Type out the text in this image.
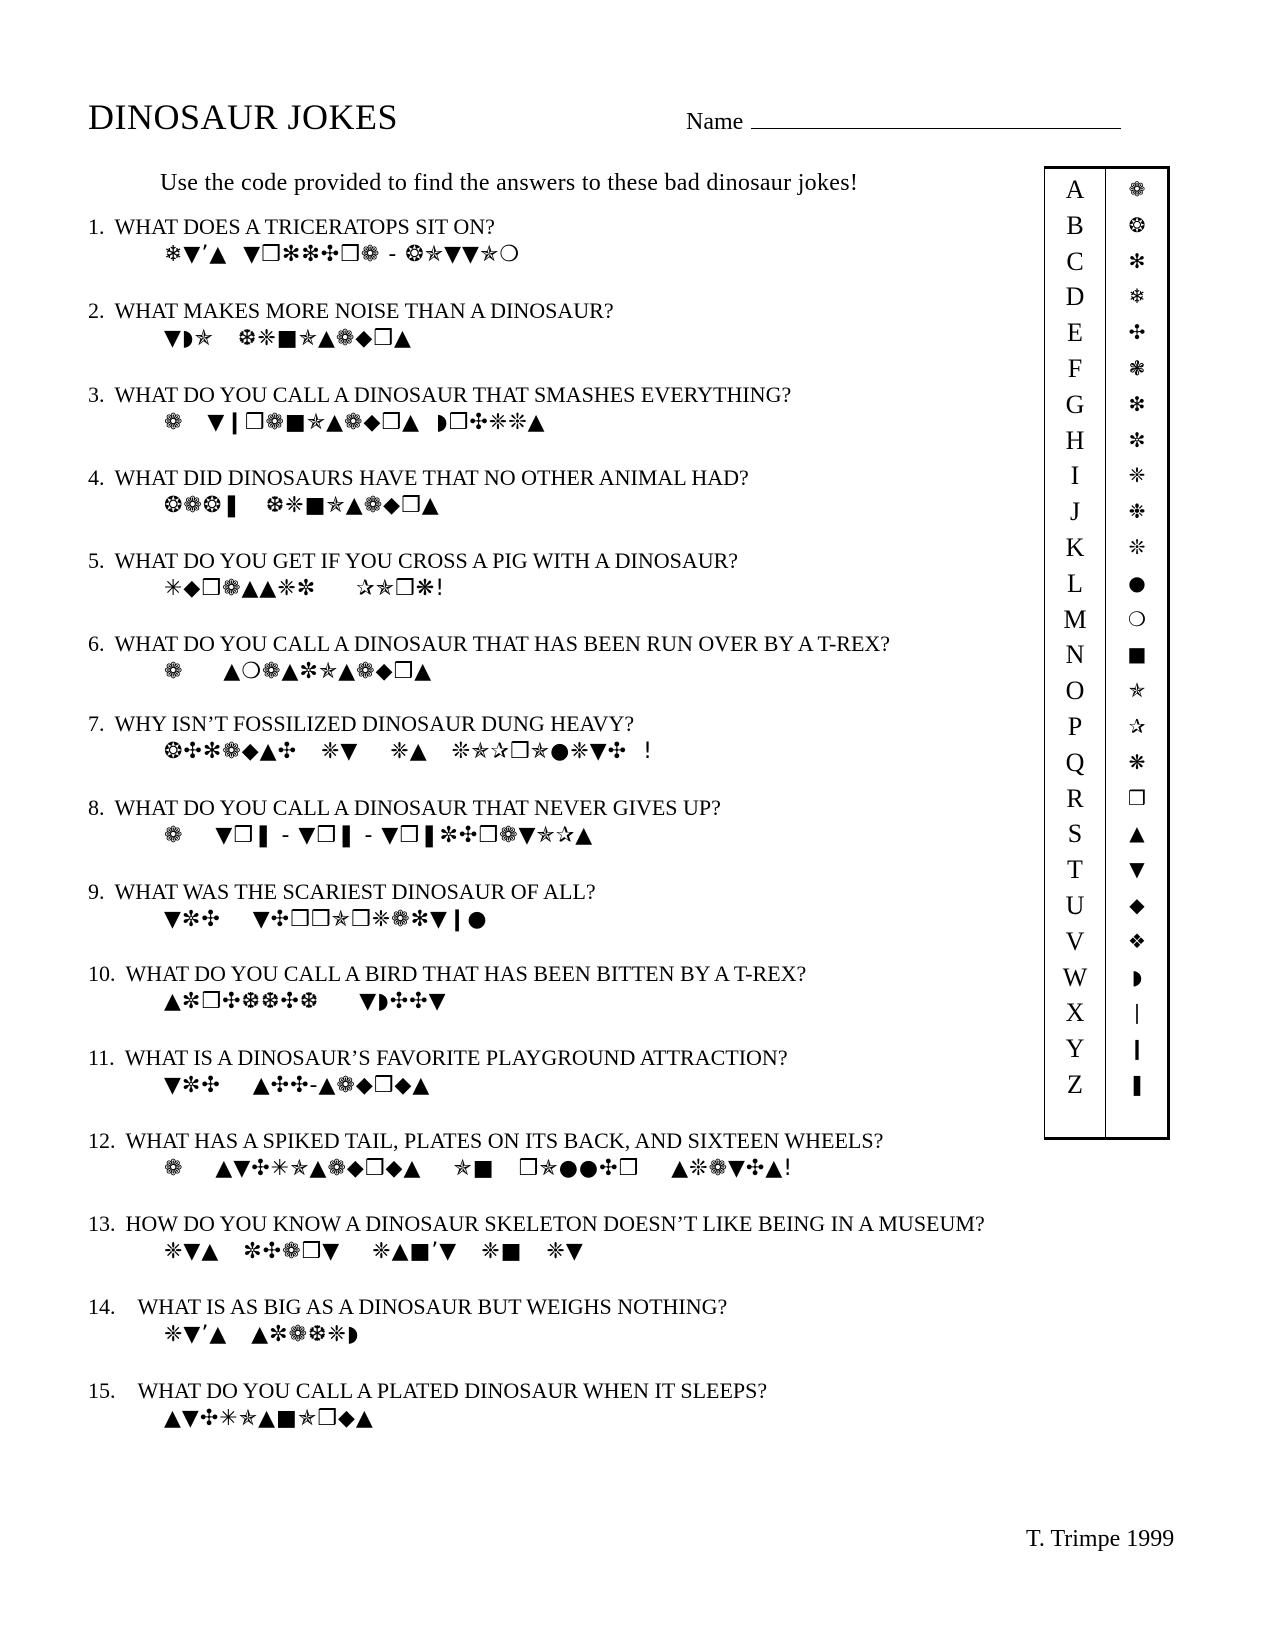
DINOSAUR JOKES	Name
Use the code provided to find the answers to these bad dinosaur jokes!
1. WHAT DOES A TRICERATOPS SIT ON?
❄▼’▲  ▼❒✻❇✣❒❁ - ❂✯▼▼✯❍
2. WHAT MAKES MORE NOISE THAN A DINOSAUR?
▼◗✯   ❆❈■✯▲❁◆❒▲
3. WHAT DO YOU CALL A DINOSAUR THAT SMASHES EVERYTHING?
❁   ▼❙❒❁■✯▲❁◆❒▲  ◗❒✣❈❊▲
4. WHAT DID DINOSAURS HAVE THAT NO OTHER ANIMAL HAD?
❂❁❂❚   ❆❈■✯▲❁◆❒▲
5. WHAT DO YOU GET IF YOU CROSS A PIG WITH A DINOSAUR?
✳◆❒❁▲▲❈✼     ✰✯❒❋!
6. WHAT DO YOU CALL A DINOSAUR THAT HAS BEEN RUN OVER BY A T-REX?
❁     ▲❍❁▲✼✯▲❁◆❒▲
7. WHY ISN’T FOSSILIZED DINOSAUR DUNG HEAVY?
❂✣✻❁◆▲✣   ❈▼    ❈▲   ❊✯✰❒✯●❈▼✣  !
8. WHAT DO YOU CALL A DINOSAUR THAT NEVER GIVES UP?
❁    ▼❒❚ - ▼❒❚ - ▼❒❚✼✣❒❁▼✯✰▲
9. WHAT WAS THE SCARIEST DINOSAUR OF ALL?
▼✼✣    ▼✣❒❒✯❒❈❁✻▼❙●
10. WHAT DO YOU CALL A BIRD THAT HAS BEEN BITTEN BY A T-REX?
▲✼❒✣❆❆✣❆     ▼◗✣✣▼
11. WHAT IS A DINOSAUR’S FAVORITE PLAYGROUND ATTRACTION?
▼✼✣    ▲✣✣-▲❁◆❒◆▲
12. WHAT HAS A SPIKED TAIL, PLATES ON ITS BACK, AND SIXTEEN WHEELS?
❁    ▲▼✣✳✯▲❁◆❒◆▲    ✯■   ❒✯●●✣❒    ▲❊❁▼✣▲!
13. HOW DO YOU KNOW A DINOSAUR SKELETON DOESN’T LIKE BEING IN A MUSEUM?
❈▼▲   ✼✣❁❒▼    ❈▲■’▼   ❈■   ❈▼
14. WHAT IS AS BIG AS A DINOSAUR BUT WEIGHS NOTHING?
❈▼’▲   ▲✼❁❆❈◗
15. WHAT DO YOU CALL A PLATED DINOSAUR WHEN IT SLEEPS?
▲▼✣✳✯▲■✯❒◆▲
A	❁
B	❂
C	✻
D	❄
E	✣
F	❃
G	❇
H	✼
I	❈
J	❉
K	❊
L	●
M	❍
N	■
O	✯
P	✰
Q	❋
R	❒
S	▲
T	▼
U	◆
V	❖
W	◗
X	❘
Y	❙
Z	❚
T. Trimpe 1999
